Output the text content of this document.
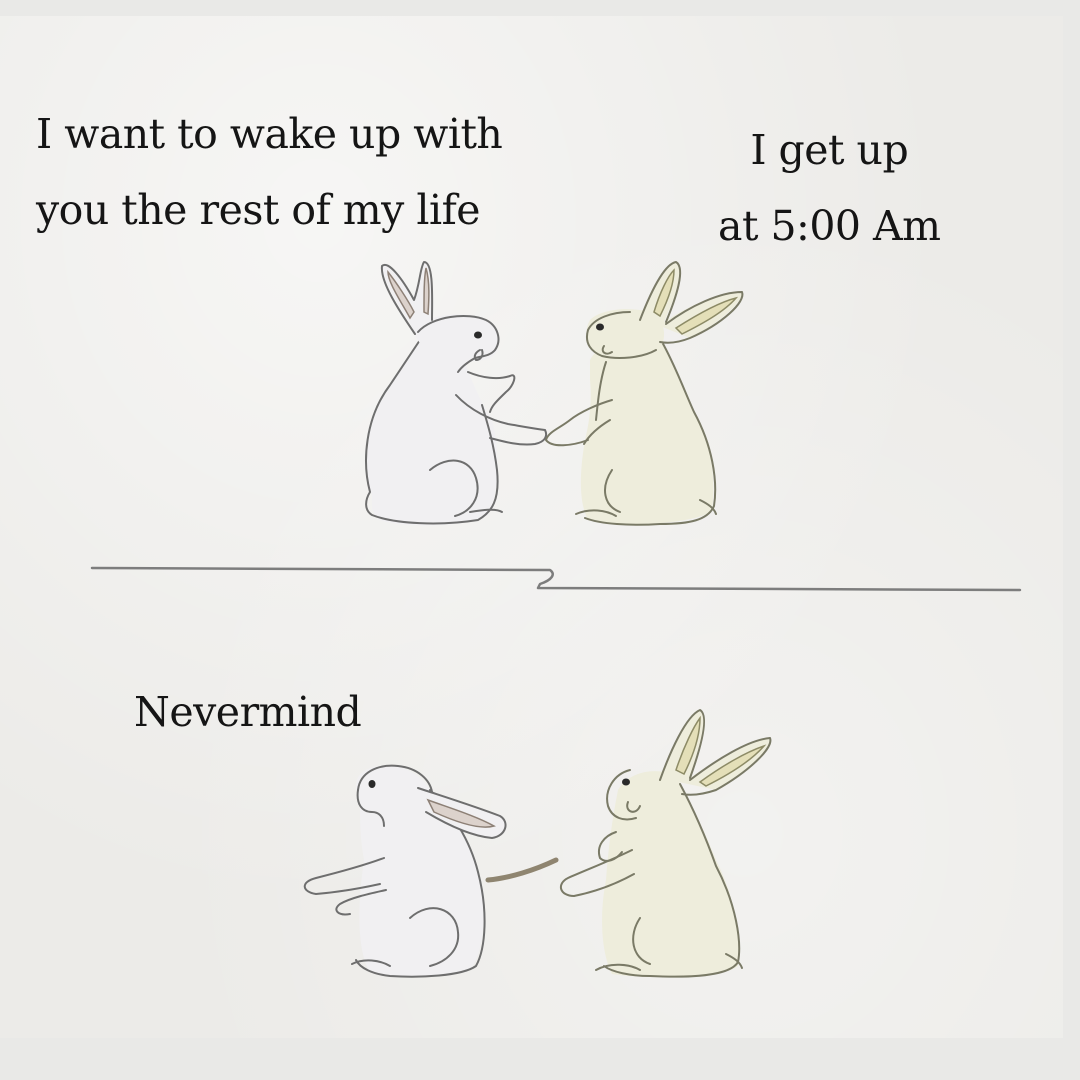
I want to wake up with
you the rest of my life
I get up
at 5:00 Am
Nevermind
